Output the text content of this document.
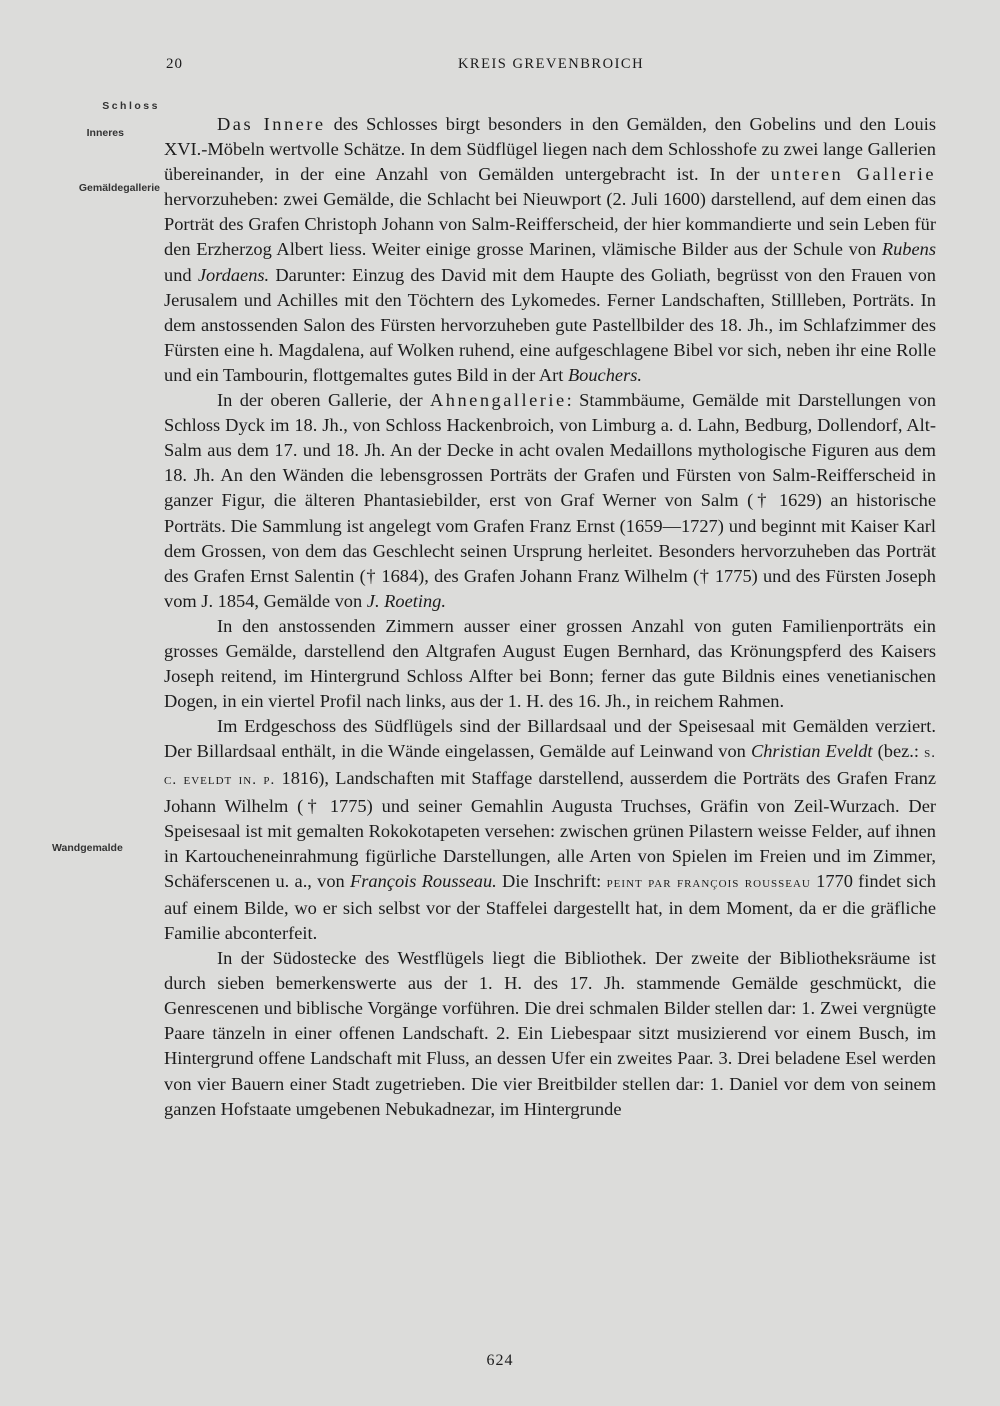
20	KREIS GREVENBROICH
Schloss
Inneres
Gemäldegallerie
Wandgemalde

Das Innere des Schlosses birgt besonders in den Gemälden, den Gobelins und den Louis XVI.-Möbeln wertvolle Schätze. In dem Südflügel liegen nach dem Schlosshofe zu zwei lange Gallerien übereinander, in der eine Anzahl von Gemälden untergebracht ist. In der unteren Gallerie hervorzuheben: zwei Gemälde, die Schlacht bei Nieuwport (2. Juli 1600) darstellend, auf dem einen das Porträt des Grafen Christoph Johann von Salm-Reifferscheid, der hier kommandierte und sein Leben für den Erzherzog Albert liess. Weiter einige grosse Marinen, vlämische Bilder aus der Schule von Rubens und Jordaens. Darunter: Einzug des David mit dem Haupte des Goliath, begrüsst von den Frauen von Jerusalem und Achilles mit den Töchtern des Lykomedes. Ferner Landschaften, Stillleben, Porträts. In dem anstossenden Salon des Fürsten hervorzuheben gute Pastellbilder des 18. Jh., im Schlafzimmer des Fürsten eine h. Magdalena, auf Wolken ruhend, eine aufgeschlagene Bibel vor sich, neben ihr eine Rolle und ein Tambourin, flottgemaltes gutes Bild in der Art Bouchers.

In der oberen Gallerie, der Ahnengallerie: Stammbäume, Gemälde mit Darstellungen von Schloss Dyck im 18. Jh., von Schloss Hackenbroich, von Limburg a. d. Lahn, Bedburg, Dollendorf, Alt-Salm aus dem 17. und 18. Jh. An der Decke in acht ovalen Medaillons mythologische Figuren aus dem 18. Jh. An den Wänden die lebensgrossen Porträts der Grafen und Fürsten von Salm-Reifferscheid in ganzer Figur, die älteren Phantasiebilder, erst von Graf Werner von Salm († 1629) an historische Porträts. Die Sammlung ist angelegt vom Grafen Franz Ernst (1659—1727) und beginnt mit Kaiser Karl dem Grossen, von dem das Geschlecht seinen Ursprung herleitet. Besonders hervorzuheben das Porträt des Grafen Ernst Salentin († 1684), des Grafen Johann Franz Wilhelm († 1775) und des Fürsten Joseph vom J. 1854, Gemälde von J. Roeting.

In den anstossenden Zimmern ausser einer grossen Anzahl von guten Familienporträts ein grosses Gemälde, darstellend den Altgrafen August Eugen Bernhard, das Krönungspferd des Kaisers Joseph reitend, im Hintergrund Schloss Alfter bei Bonn; ferner das gute Bildnis eines venetianischen Dogen, in ein viertel Profil nach links, aus der 1. H. des 16. Jh., in reichem Rahmen.

Im Erdgeschoss des Südflügels sind der Billardsaal und der Speisesaal mit Gemälden verziert. Der Billardsaal enthält, in die Wände eingelassen, Gemälde auf Leinwand von Christian Eveldt (bez.: s. c. eveldt in. p. 1816), Landschaften mit Staffage darstellend, ausserdem die Porträts des Grafen Franz Johann Wilhelm († 1775) und seiner Gemahlin Augusta Truchses, Gräfin von Zeil-Wurzach. Der Speisesaal ist mit gemalten Rokokotapeten versehen: zwischen grünen Pilastern weisse Felder, auf ihnen in Kartoucheneinrahmung figürliche Darstellungen, alle Arten von Spielen im Freien und im Zimmer, Schäferscenen u. a., von François Rousseau. Die Inschrift: peint par françois rousseau 1770 findet sich auf einem Bilde, wo er sich selbst vor der Staffelei dargestellt hat, in dem Moment, da er die gräfliche Familie abconterfeit.

In der Südostecke des Westflügels liegt die Bibliothek. Der zweite der Bibliotheksräume ist durch sieben bemerkenswerte aus der 1. H. des 17. Jh. stammende Gemälde geschmückt, die Genrescenen und biblische Vorgänge vorführen. Die drei schmalen Bilder stellen dar: 1. Zwei vergnügte Paare tänzeln in einer offenen Landschaft. 2. Ein Liebespaar sitzt musizierend vor einem Busch, im Hintergrund offene Landschaft mit Fluss, an dessen Ufer ein zweites Paar. 3. Drei beladene Esel werden von vier Bauern einer Stadt zugetrieben. Die vier Breitbilder stellen dar: 1. Daniel vor dem von seinem ganzen Hofstaate umgebenen Nebukadnezar, im Hintergrunde

624
